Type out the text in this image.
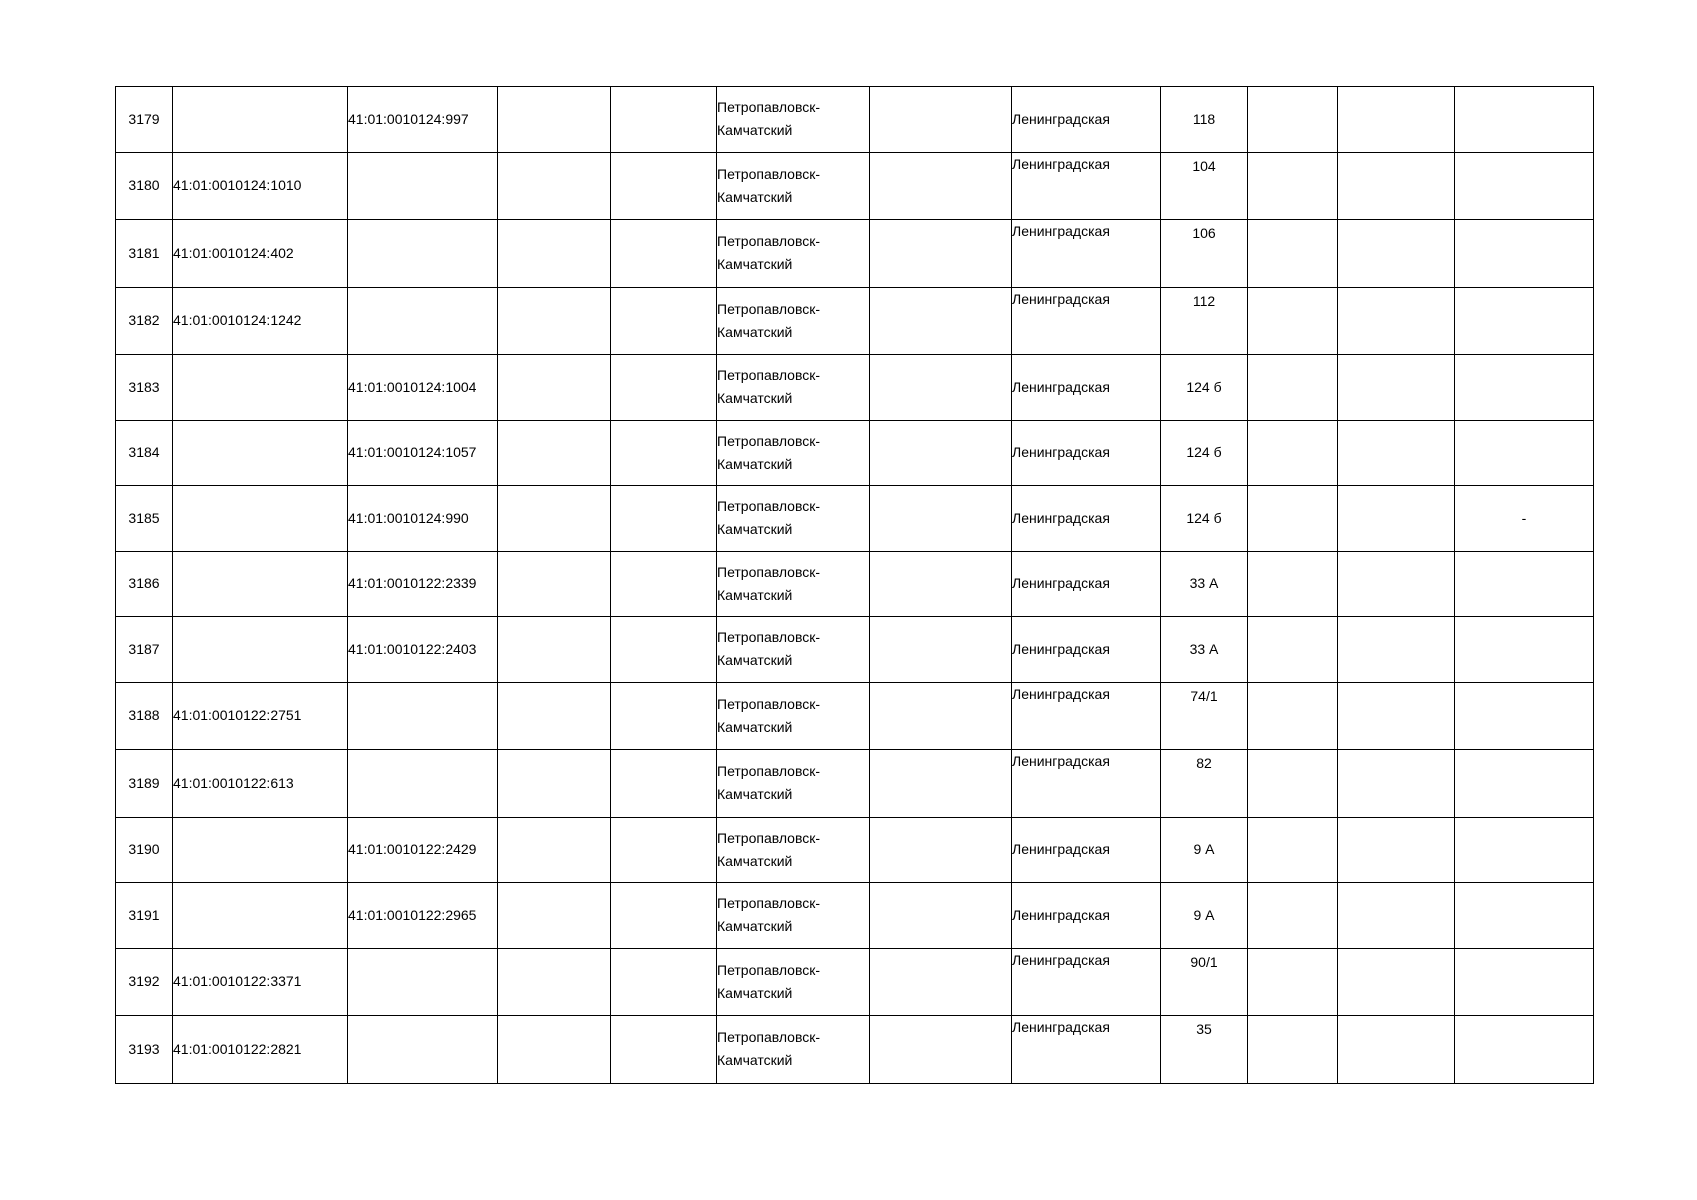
3179		41:01:0010124:997			Петропавловск-Камчатский		Ленинградская	118			
3180	41:01:0010124:1010				Петропавловск-Камчатский		Ленинградская	104			
3181	41:01:0010124:402				Петропавловск-Камчатский		Ленинградская	106			
3182	41:01:0010124:1242				Петропавловск-Камчатский		Ленинградская	112			
3183		41:01:0010124:1004			Петропавловск-Камчатский		Ленинградская	124 б			
3184		41:01:0010124:1057			Петропавловск-Камчатский		Ленинградская	124 б			
3185		41:01:0010124:990			Петропавловск-Камчатский		Ленинградская	124 б			-
3186		41:01:0010122:2339			Петропавловск-Камчатский		Ленинградская	33 А			
3187		41:01:0010122:2403			Петропавловск-Камчатский		Ленинградская	33 А			
3188	41:01:0010122:2751				Петропавловск-Камчатский		Ленинградская	74/1			
3189	41:01:0010122:613				Петропавловск-Камчатский		Ленинградская	82			
3190		41:01:0010122:2429			Петропавловск-Камчатский		Ленинградская	9 А			
3191		41:01:0010122:2965			Петропавловск-Камчатский		Ленинградская	9 А			
3192	41:01:0010122:3371				Петропавловск-Камчатский		Ленинградская	90/1			
3193	41:01:0010122:2821				Петропавловск-Камчатский		Ленинградская	35			
